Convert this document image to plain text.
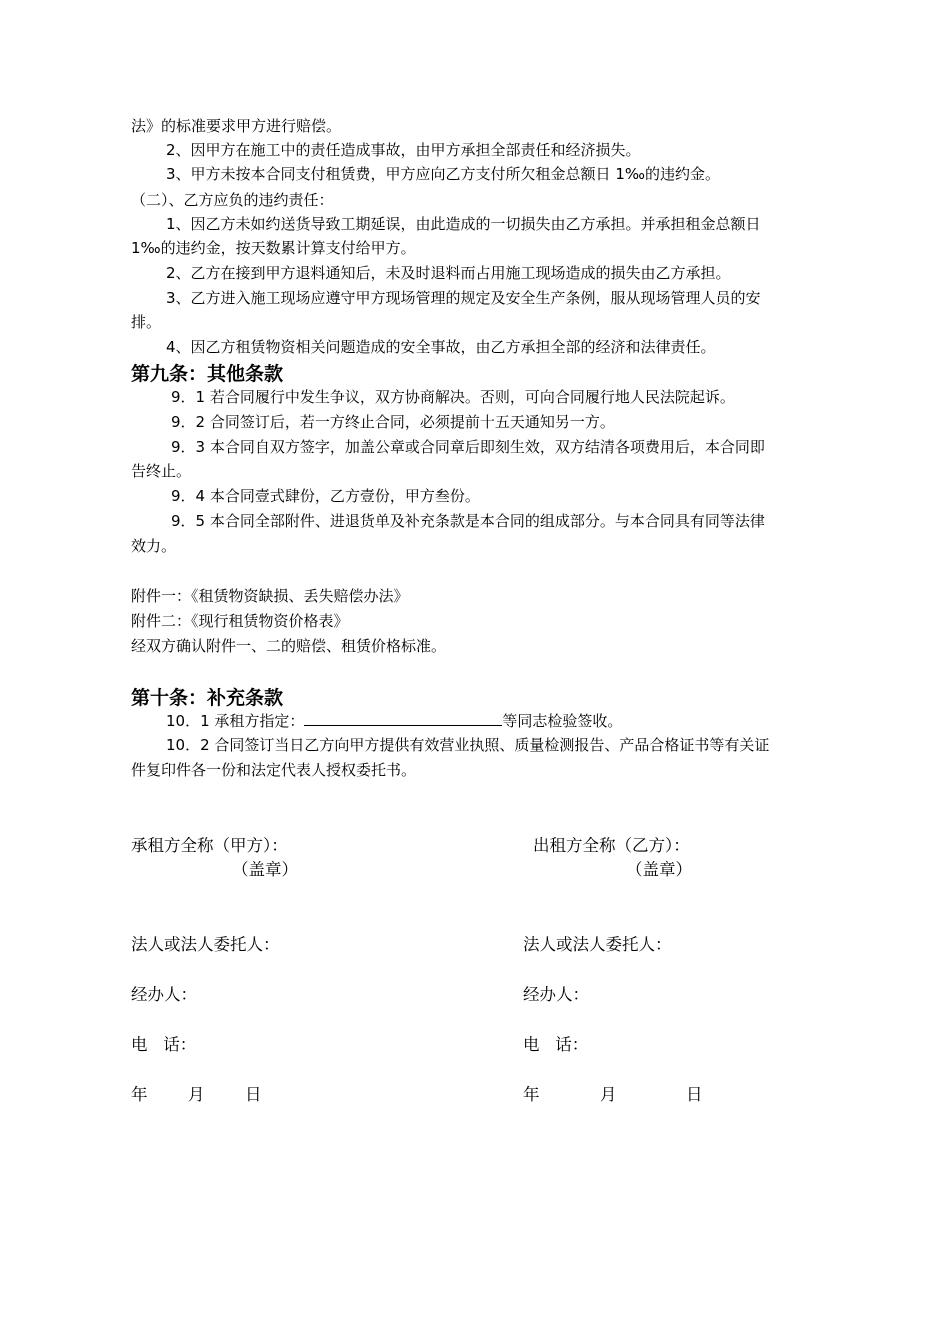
法》的标准要求甲方进行赔偿。
2、因甲方在施工中的责任造成事故，由甲方承担全部责任和经济损失。
3、甲方未按本合同支付租赁费，甲方应向乙方支付所欠租金总额日 1‰的违约金。
（二）、乙方应负的违约责任：
1、因乙方未如约送货导致工期延误，由此造成的一切损失由乙方承担。并承担租金总额日
1‰的违约金，按天数累计算支付给甲方。
2、乙方在接到甲方退料通知后，未及时退料而占用施工现场造成的损失由乙方承担。
3、乙方进入施工现场应遵守甲方现场管理的规定及安全生产条例，服从现场管理人员的安
排。
4、因乙方租赁物资相关问题造成的安全事故，由乙方承担全部的经济和法律责任。
第九条：其他条款
9．1 若合同履行中发生争议，双方协商解决。否则，可向合同履行地人民法院起诉。
9．2 合同签订后，若一方终止合同，必须提前十五天通知另一方。
9．3 本合同自双方签字，加盖公章或合同章后即刻生效，双方结清各项费用后，本合同即
告终止。
9．4 本合同壹式肆份，乙方壹份，甲方叁份。
9．5 本合同全部附件、进退货单及补充条款是本合同的组成部分。与本合同具有同等法律
效力。
附件一：《租赁物资缺损、丢失赔偿办法》
附件二：《现行租赁物资价格表》
经双方确认附件一、二的赔偿、租赁价格标准。
第十条：补充条款
10．1 承租方指定：	等同志检验签收。
10．2 合同签订当日乙方向甲方提供有效营业执照、质量检测报告、产品合格证书等有关证
件复印件各一份和法定代表人授权委托书。
承租方全称（甲方）：	出租方全称（乙方）：
（盖章）	（盖章）
法人或法人委托人：	法人或法人委托人：
经办人：	经办人：
电   话：	电   话：
年 月 日	年	月	日
